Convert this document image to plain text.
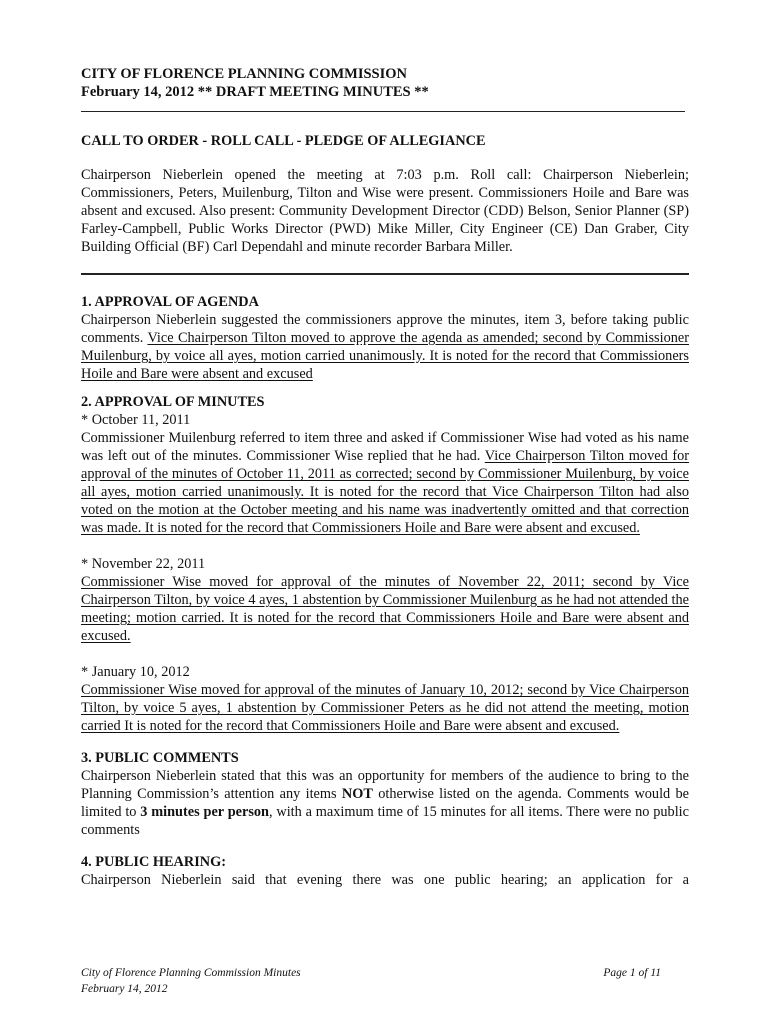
CITY OF FLORENCE PLANNING COMMISSION
February 14, 2012 ** DRAFT MEETING MINUTES **
CALL TO ORDER - ROLL CALL - PLEDGE OF ALLEGIANCE
Chairperson Nieberlein opened the meeting at 7:03 p.m. Roll call: Chairperson Nieberlein; Commissioners, Peters, Muilenburg, Tilton and Wise were present. Commissioners Hoile and Bare was absent and excused. Also present: Community Development Director (CDD) Belson, Senior Planner (SP) Farley-Campbell, Public Works Director (PWD) Mike Miller, City Engineer (CE) Dan Graber, City Building Official (BF) Carl Dependahl and minute recorder Barbara Miller.
1. APPROVAL OF AGENDA
Chairperson Nieberlein suggested the commissioners approve the minutes, item 3, before taking public comments. Vice Chairperson Tilton moved to approve the agenda as amended; second by Commissioner Muilenburg, by voice all ayes, motion carried unanimously. It is noted for the record that Commissioners Hoile and Bare were absent and excused
2. APPROVAL OF MINUTES
* October 11, 2011
Commissioner Muilenburg referred to item three and asked if Commissioner Wise had voted as his name was left out of the minutes. Commissioner Wise replied that he had. Vice Chairperson Tilton moved for approval of the minutes of October 11, 2011 as corrected; second by Commissioner Muilenburg, by voice all ayes, motion carried unanimously. It is noted for the record that Vice Chairperson Tilton had also voted on the motion at the October meeting and his name was inadvertently omitted and that correction was made. It is noted for the record that Commissioners Hoile and Bare were absent and excused.
* November 22, 2011
Commissioner Wise moved for approval of the minutes of November 22, 2011; second by Vice Chairperson Tilton, by voice 4 ayes, 1 abstention by Commissioner Muilenburg as he had not attended the meeting; motion carried. It is noted for the record that Commissioners Hoile and Bare were absent and excused.
* January 10, 2012
Commissioner Wise moved for approval of the minutes of January 10, 2012; second by Vice Chairperson Tilton, by voice 5 ayes, 1 abstention by Commissioner Peters as he did not attend the meeting, motion carried It is noted for the record that Commissioners Hoile and Bare were absent and excused.
3. PUBLIC COMMENTS
Chairperson Nieberlein stated that this was an opportunity for members of the audience to bring to the Planning Commission’s attention any items NOT otherwise listed on the agenda. Comments would be limited to 3 minutes per person, with a maximum time of 15 minutes for all items. There were no public comments
4. PUBLIC HEARING:
Chairperson Nieberlein said that evening there was one public hearing; an application for a
City of Florence Planning Commission Minutes
February 14, 2012
Page 1 of 11
